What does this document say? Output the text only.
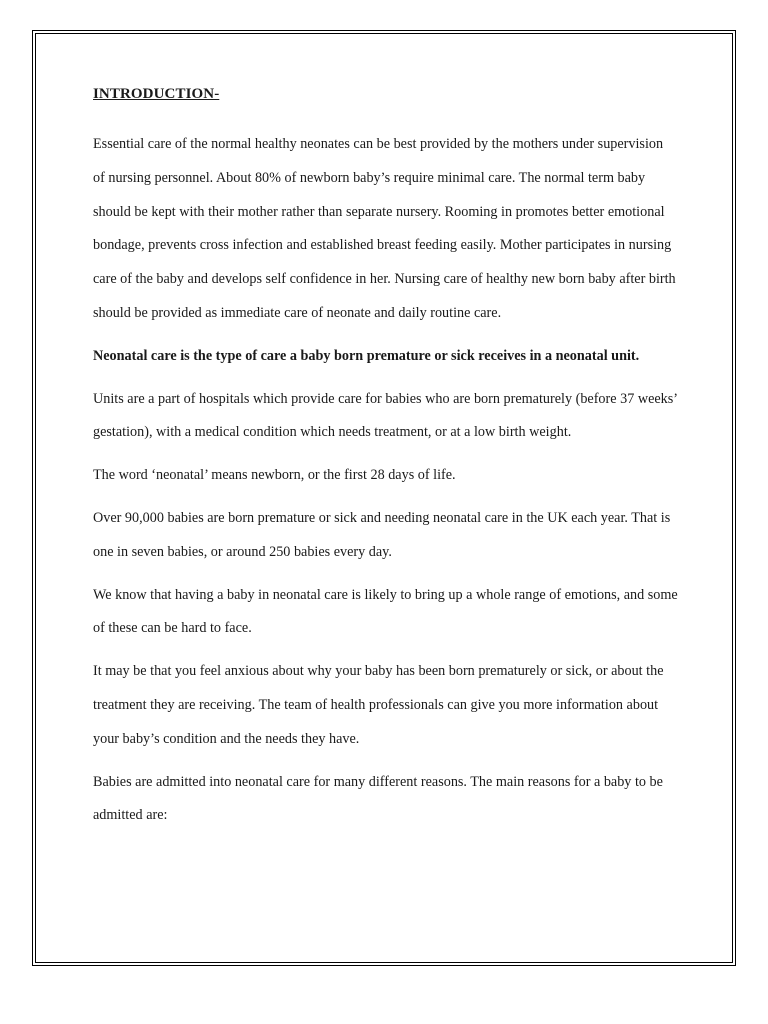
INTRODUCTION-

Essential care of the normal healthy neonates can be best provided by the mothers under supervision of nursing personnel. About 80% of newborn baby’s require minimal care. The normal term baby should be kept with their mother rather than separate nursery. Rooming in promotes better emotional bondage, prevents cross infection and established breast feeding easily. Mother participates in nursing care of the baby and develops self confidence in her. Nursing care of healthy new born baby after birth should be provided as immediate care of neonate and daily routine care.

Neonatal care is the type of care a baby born premature or sick receives in a neonatal unit.

Units are a part of hospitals which provide care for babies who are born prematurely (before 37 weeks’ gestation), with a medical condition which needs treatment, or at a low birth weight.

The word ‘neonatal’ means newborn, or the first 28 days of life.

Over 90,000 babies are born premature or sick and needing neonatal care in the UK each year. That is one in seven babies, or around 250 babies every day.

We know that having a baby in neonatal care is likely to bring up a whole range of emotions, and some of these can be hard to face.

It may be that you feel anxious about why your baby has been born prematurely or sick, or about the treatment they are receiving. The team of health professionals can give you more information about your baby’s condition and the needs they have.

Babies are admitted into neonatal care for many different reasons. The main reasons for a baby to be admitted are:
